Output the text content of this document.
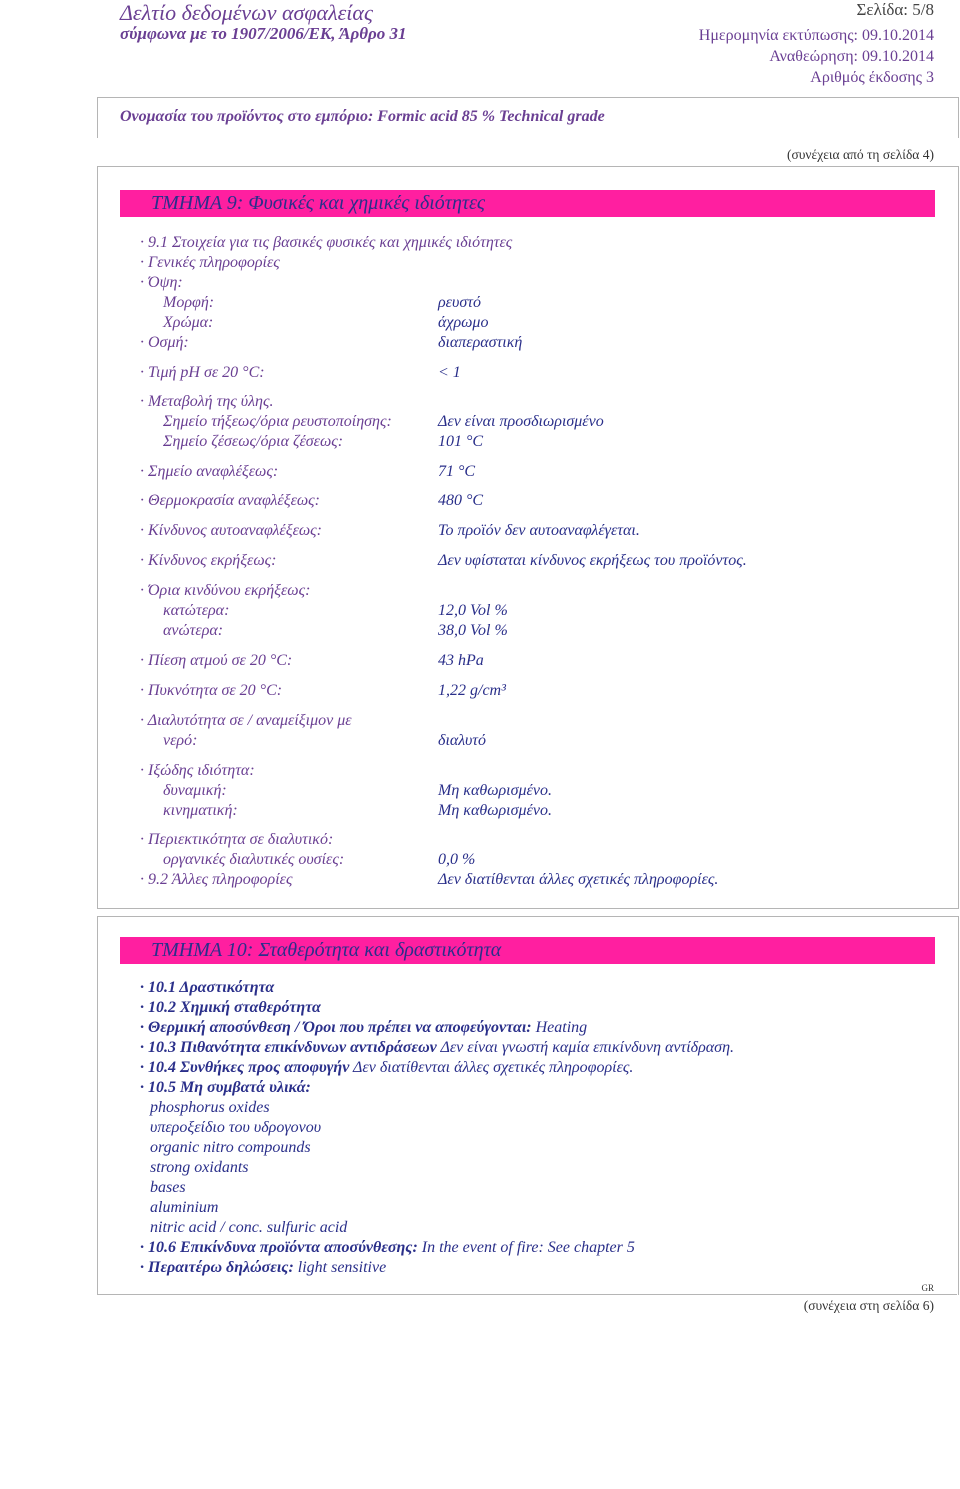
Δελτίο δεδομένων ασφαλείας
σύμφωνα με το 1907/2006/ΕΚ, Άρθρο 31
Σελίδα: 5/8
Ημερομηνία εκτύπωσης: 09.10.2014
Αναθεώρηση: 09.10.2014
Αριθμός έκδοσης 3
Ονομασία του προϊόντος στο εμπόριο: Formic acid 85 % Technical grade
(συνέχεια από τη σελίδα 4)
ΤΜΗΜΑ 9: Φυσικές και χημικές ιδιότητες
· 9.1 Στοιχεία για τις βασικές φυσικές και χημικές ιδιότητες
· Γενικές πληροφορίες
· Όψη:
Μορφή:	ρευστό
Χρώμα:	άχρωμο
· Οσμή:	διαπεραστική
· Τιμή pH σε 20 °C:	< 1
· Μεταβολή της ύλης.
Σημείο τήξεως/όρια ρευστοποίησης:	Δεν είναι προσδιωρισμένο
Σημείο ζέσεως/όρια ζέσεως:	101 °C
· Σημείο αναφλέξεως:	71 °C
· Θερμοκρασία αναφλέξεως:	480 °C
· Κίνδυνος αυτοαναφλέξεως:	Το προϊόν δεν αυτοαναφλέγεται.
· Κίνδυνος εκρήξεως:	Δεν υφίσταται κίνδυνος εκρήξεως του προϊόντος.
· Όρια κινδύνου εκρήξεως:
κατώτερα:	12,0 Vol %
ανώτερα:	38,0 Vol %
· Πίεση ατμού σε 20 °C:	43 hPa
· Πυκνότητα σε 20 °C:	1,22 g/cm³
· Διαλυτότητα σε / αναμείξιμον με
νερό:	διαλυτό
· Ιξώδης ιδιότητα:
δυναμική:	Μη καθωρισμένο.
κινηματική:	Μη καθωρισμένο.
· Περιεκτικότητα σε διαλυτικό:
οργανικές διαλυτικές ουσίες:	0,0 %
· 9.2 Άλλες πληροφορίες	Δεν διατίθενται άλλες σχετικές πληροφορίες.
ΤΜΗΜΑ 10: Σταθερότητα και δραστικότητα
· 10.1 Δραστικότητα
· 10.2 Χημική σταθερότητα
· Θερμική αποσύνθεση / Όροι που πρέπει να αποφεύγονται: Heating
· 10.3 Πιθανότητα επικίνδυνων αντιδράσεων Δεν είναι γνωστή καμία επικίνδυνη αντίδραση.
· 10.4 Συνθήκες προς αποφυγήν Δεν διατίθενται άλλες σχετικές πληροφορίες.
· 10.5 Μη συμβατά υλικά:
phosphorus oxides
υπεροξείδιο του υδρογονου
organic nitro compounds
strong oxidants
bases
aluminium
nitric acid / conc. sulfuric acid
· 10.6 Επικίνδυνα προϊόντα αποσύνθεσης: In the event of fire: See chapter 5
· Περαιτέρω δηλώσεις: light sensitive
GR
(συνέχεια στη σελίδα 6)
